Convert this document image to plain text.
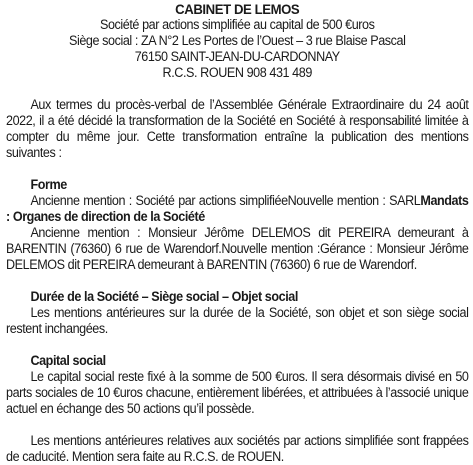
CABINET DE LEMOS
Société par actions simplifiée au capital de 500 €uros
Siège social : ZA N°2 Les Portes de l’Ouest – 3 rue Blaise Pascal
76150 SAINT-JEAN-DU-CARDONNAY
R.C.S. ROUEN 908 431 489

Aux termes du procès-verbal de l’Assemblée Générale Extraordinaire du 24 août 2022, il a été décidé la transformation de la Société en Société à responsabilité limitée à compter du même jour. Cette transformation entraîne la publication des mentions suivantes :

Forme

Ancienne mention : Société par actions simplifiéeNouvelle mention : SARLMandats : Organes de direction de la Société

Ancienne mention : Monsieur Jérôme DELEMOS dit PEREIRA demeurant à BARENTIN (76360) 6 rue de Warendorf.Nouvelle mention :Gérance : Monsieur Jérôme DELEMOS dit PEREIRA demeurant à BARENTIN (76360) 6 rue de Warendorf.

Durée de la Société – Siège social – Objet social

Les mentions antérieures sur la durée de la Société, son objet et son siège social restent inchangées.

Capital social

Le capital social reste fixé à la somme de 500 €uros. Il sera désormais divisé en 50 parts sociales de 10 €uros chacune, entièrement libérées, et attribuées à l’associé unique actuel en échange des 50 actions qu’il possède.

Les mentions antérieures relatives aux sociétés par actions simplifiée sont frappées de caducité. Mention sera faite au R.C.S. de ROUEN.
